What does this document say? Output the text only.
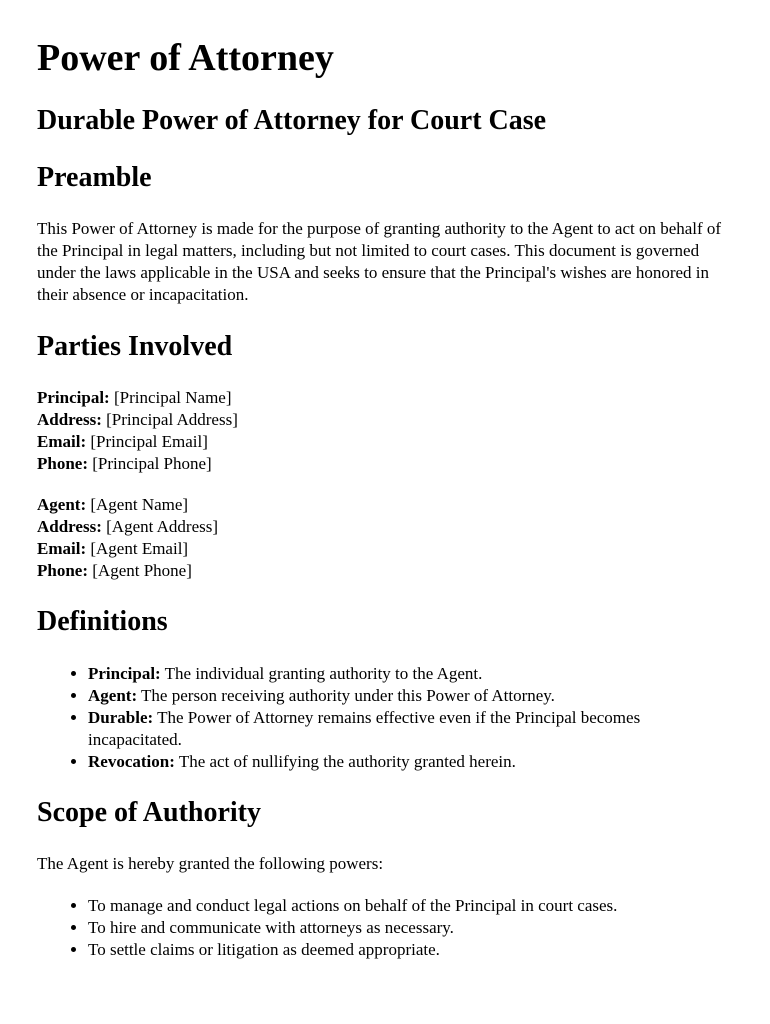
Power of Attorney
Durable Power of Attorney for Court Case
Preamble

This Power of Attorney is made for the purpose of granting authority to the Agent to act on behalf of the Principal in legal matters, including but not limited to court cases. This document is governed under the laws applicable in the USA and seeks to ensure that the Principal's wishes are honored in their absence or incapacitation.

Parties Involved
Principal: [Principal Name]
Address: [Principal Address]
Email: [Principal Email]
Phone: [Principal Phone]
Agent: [Agent Name]
Address: [Agent Address]
Email: [Agent Email]
Phone: [Agent Phone]
Definitions
• Principal: The individual granting authority to the Agent.
• Agent: The person receiving authority under this Power of Attorney.
• Durable: The Power of Attorney remains effective even if the Principal becomes incapacitated.
• Revocation: The act of nullifying the authority granted herein.
Scope of Authority

The Agent is hereby granted the following powers:

• To manage and conduct legal actions on behalf of the Principal in court cases.
• To hire and communicate with attorneys as necessary.
• To settle claims or litigation as deemed appropriate.
